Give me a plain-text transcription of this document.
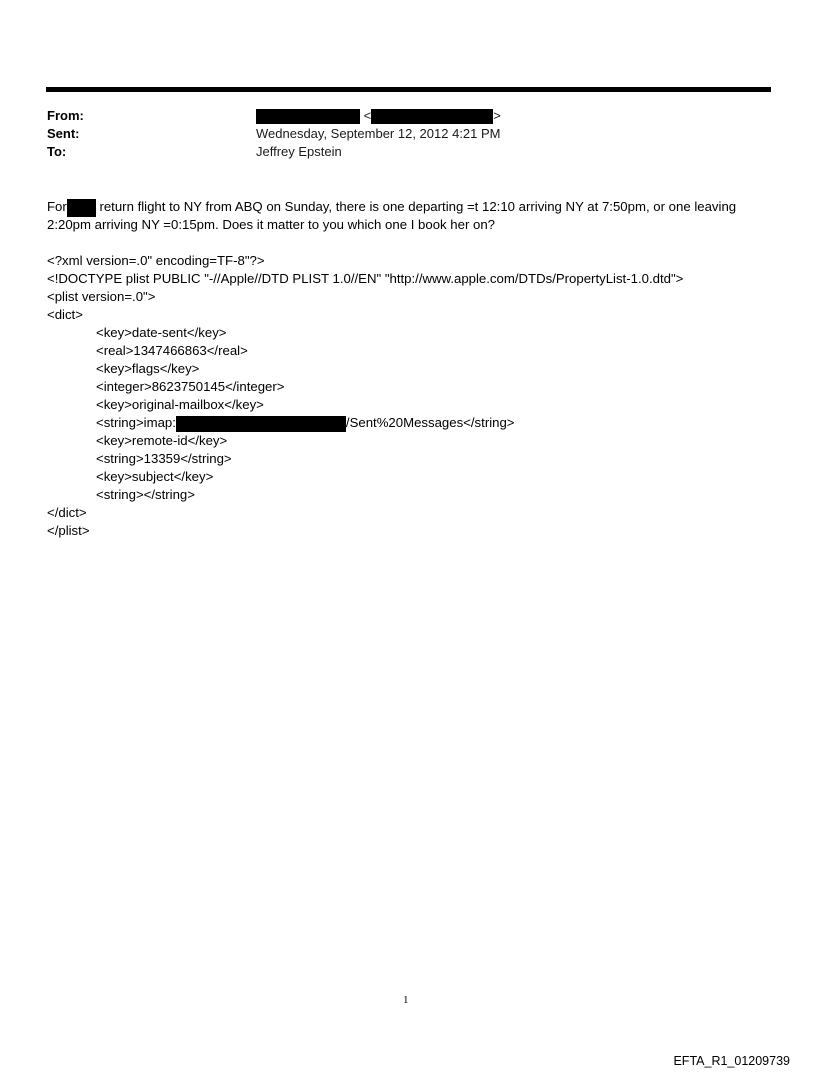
From:
Sent:
To:
<	>
Wednesday, September 12, 2012 4:21 PM
Jeffrey Epstein
For return flight to NY from ABQ on Sunday, there is one departing =t 12:10 arriving NY at 7:50pm, or one leaving
2:20pm arriving NY =0:15pm. Does it matter to you which one I book her on?
<?xml version=.0" encoding=TF-8"?>
<!DOCTYPE plist PUBLIC "-//Apple//DTD PLIST 1.0//EN" "http://www.apple.com/DTDs/PropertyList-1.0.dtd">
<plist version=.0">
<dict>
<key>date-sent</key>
<real>1347466863</real>
<key>flags</key>
<integer>8623750145</integer>
<key>original-mailbox</key>
<string>imap:	/Sent%20Messages</string>
<key>remote-id</key>
<string>13359</string>
<key>subject</key>
<string></string>
</dict>
</plist>
1
EFTA_R1_01209739
